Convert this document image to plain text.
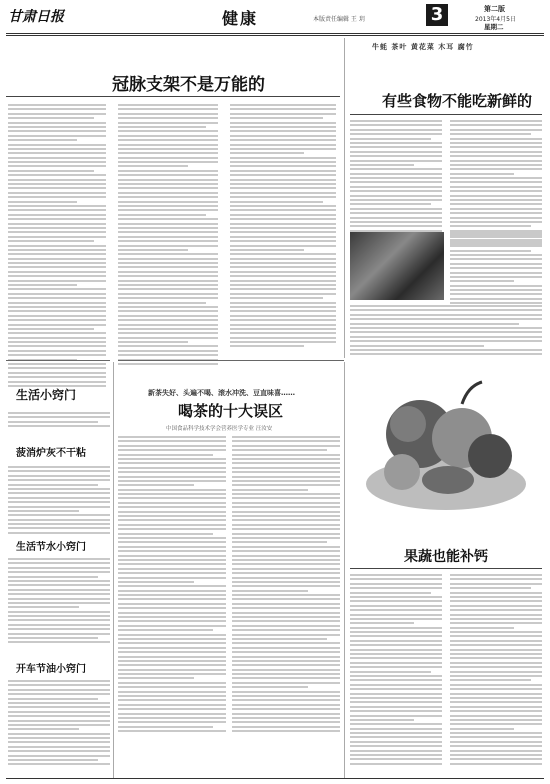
甘肃日报	健康	本版责任编辑 王 玥	3	第二版
2013年4月5日
星期二
冠脉支架不是万能的
牛蚝 茶叶 黄花菜 木耳 腐竹
有些食物不能吃新鲜的
生活小窍门
菠消炉灰不干粘
生活节水小窍门
开车节油小窍门
新茶失好、头遍不喝、滚水冲洗、豆直味喜……
喝茶的十大误区
中国食品科学技术学会营养医学专业 汪汝安
果蔬也能补钙
